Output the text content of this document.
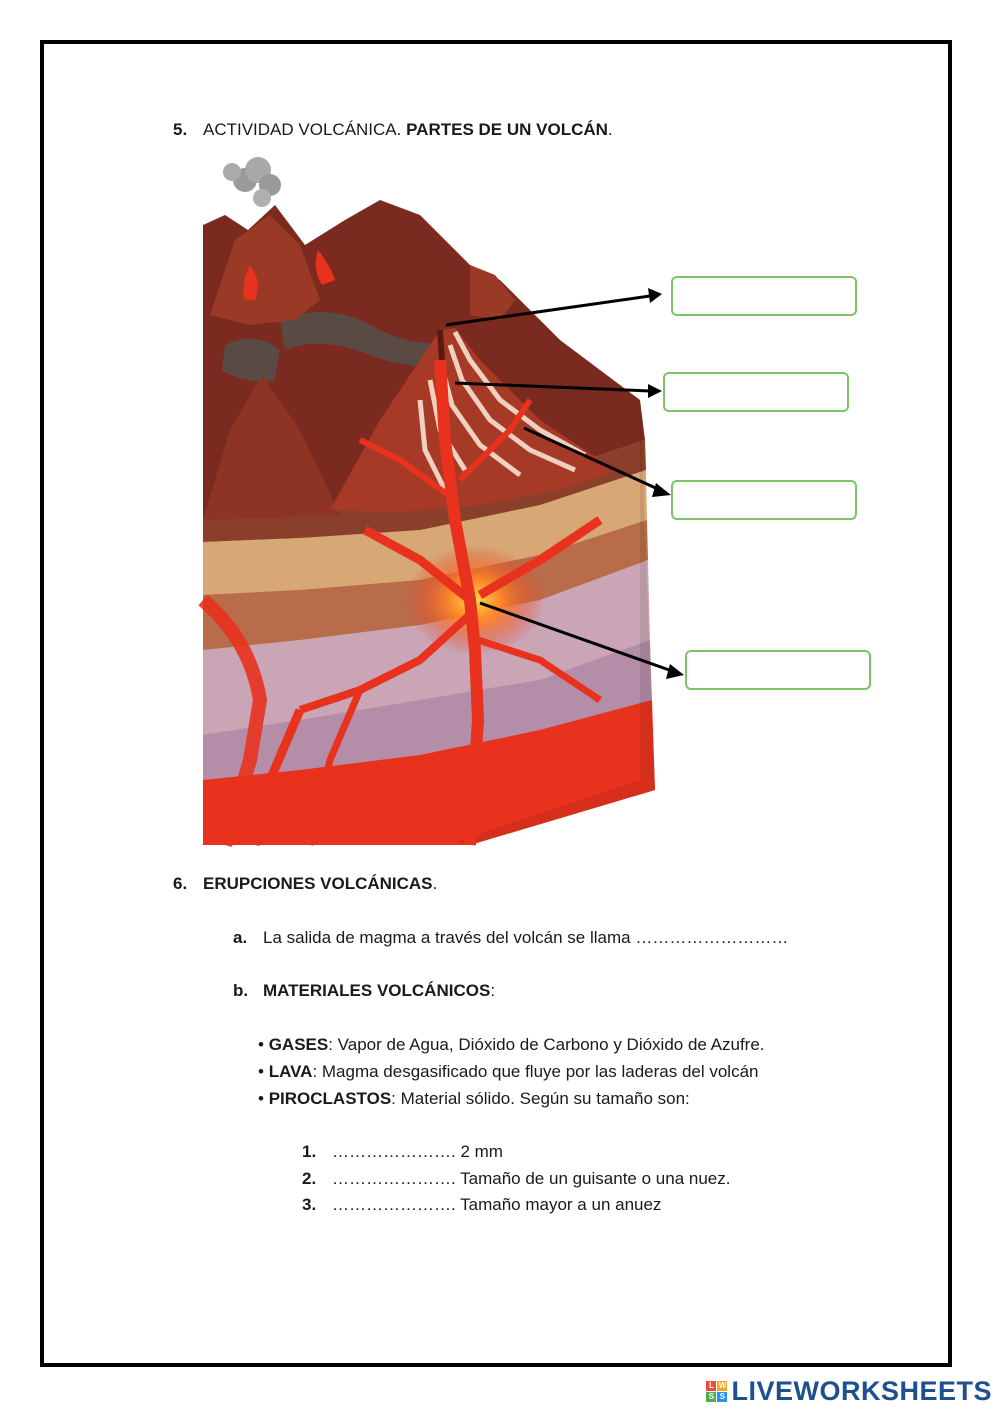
5. ACTIVIDAD VOLCÁNICA. PARTES DE UN VOLCÁN.
6. ERUPCIONES VOLCÁNICAS.
a. La salida de magma a través del volcán se llama ………………………
b. MATERIALES VOLCÁNICOS:
• GASES: Vapor de Agua, Dióxido de Carbono y Dióxido de Azufre.
• LAVA: Magma desgasificado que fluye por las laderas del volcán
• PIROCLASTOS: Material sólido. Según su tamaño son:
1. …………………. 2 mm
2. …………………. Tamaño de un guisante o una nuez.
3. …………………. Tamaño mayor a un anuez
L W
S S LIVEWORKSHEETS
